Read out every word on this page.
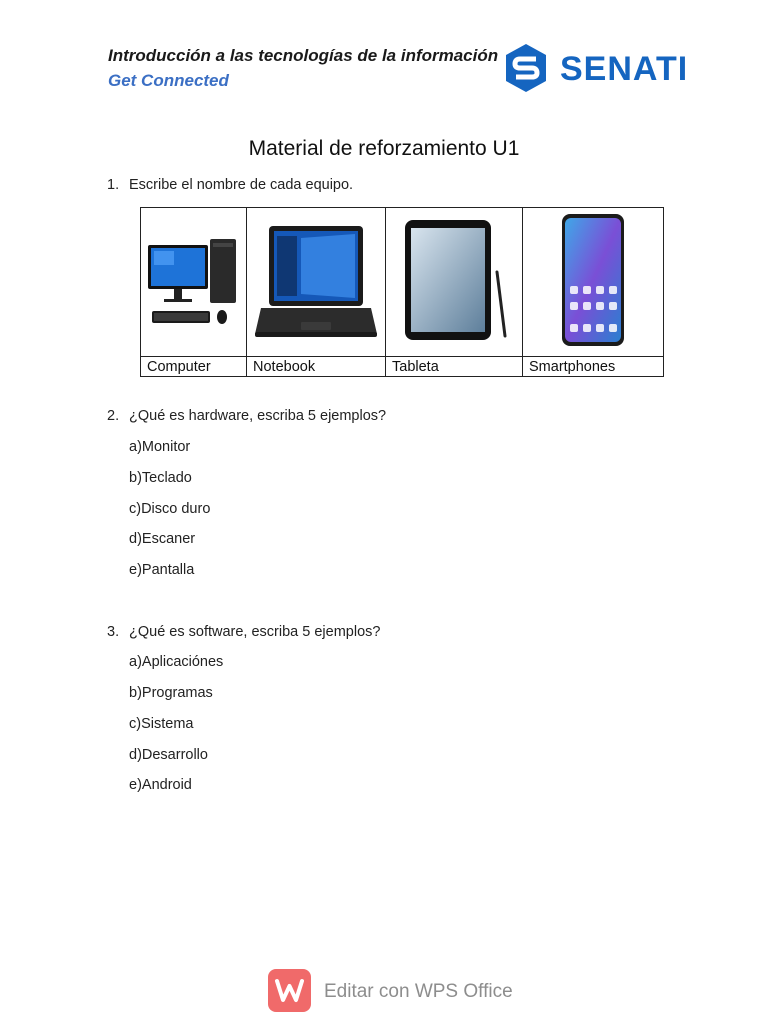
Introducción a las tecnologías de la información
Get Connected	SENATI
Material de reforzamiento U1
1. Escribe el nombre de cada equipo.

Computer	Notebook	Tableta	Smartphones
2. ¿Qué es hardware, escriba 5 ejemplos?
a)Monitor
b)Teclado
c)Disco duro
d)Escaner
e)Pantalla
3. ¿Qué es software, escriba 5 ejemplos?
a)Aplicaciónes
b)Programas
c)Sistema
d)Desarrollo
e)Android
Editar con WPS Office
